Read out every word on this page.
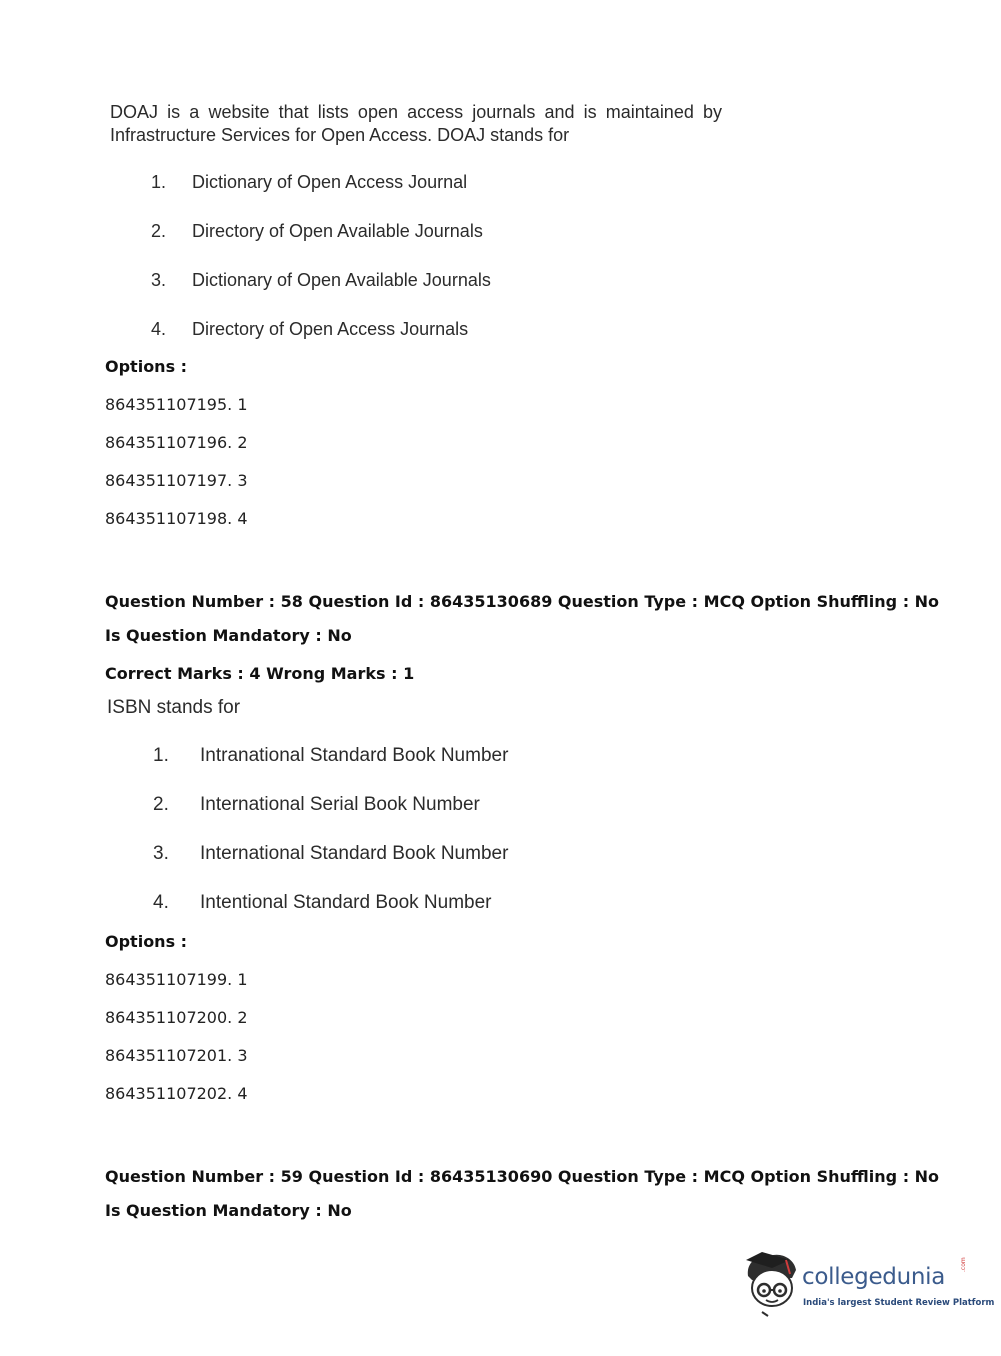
DOAJ is a website that lists open access journals and is maintained by
Infrastructure Services for Open Access. DOAJ stands for
1. Dictionary of Open Access Journal
2. Directory of Open Available Journals
3. Dictionary of Open Available Journals
4. Directory of Open Access Journals
Options :
864351107195. 1
864351107196. 2
864351107197. 3
864351107198. 4
Question Number : 58 Question Id : 86435130689 Question Type : MCQ Option Shuffling : No
Is Question Mandatory : No
Correct Marks : 4 Wrong Marks : 1
ISBN stands for
1. Intranational Standard Book Number
2. International Serial Book Number
3. International Standard Book Number
4. Intentional Standard Book Number
Options :
864351107199. 1
864351107200. 2
864351107201. 3
864351107202. 4
Question Number : 59 Question Id : 86435130690 Question Type : MCQ Option Shuffling : No
Is Question Mandatory : No
collegedunia .com
India's largest Student Review Platform
